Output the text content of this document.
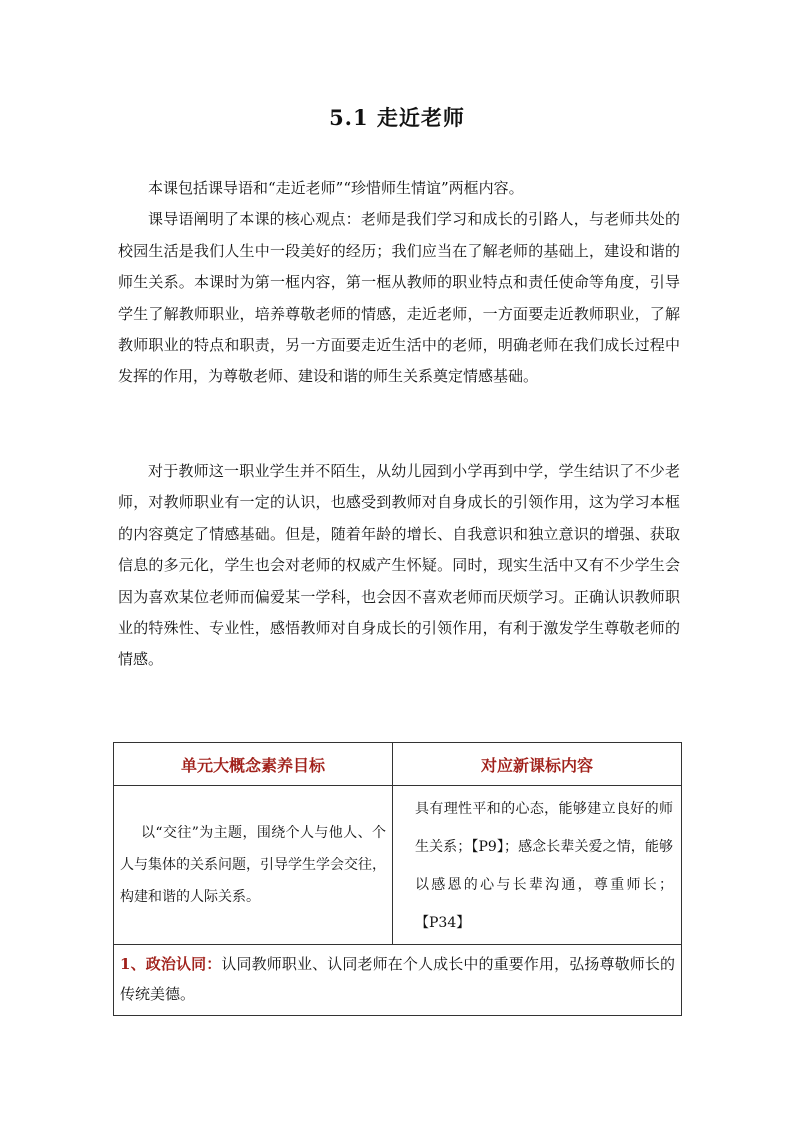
5.1 走近老师

本课包括课导语和“走近老师”“珍惜师生情谊”两框内容。

课导语阐明了本课的核心观点：老师是我们学习和成长的引路人，与老师共处的校园生活是我们人生中一段美好的经历；我们应当在了解老师的基础上，建设和谐的师生关系。本课时为第一框内容，第一框从教师的职业特点和责任使命等角度，引导学生了解教师职业，培养尊敬老师的情感，走近老师，一方面要走近教师职业，了解教师职业的特点和职责，另一方面要走近生活中的老师，明确老师在我们成长过程中发挥的作用，为尊敬老师、建设和谐的师生关系奠定情感基础。

对于教师这一职业学生并不陌生，从幼儿园到小学再到中学，学生结识了不少老师，对教师职业有一定的认识，也感受到教师对自身成长的引领作用，这为学习本框的内容奠定了情感基础。但是，随着年龄的增长、自我意识和独立意识的增强、获取信息的多元化，学生也会对老师的权威产生怀疑。同时，现实生活中又有不少学生会因为喜欢某位老师而偏爱某一学科，也会因不喜欢老师而厌烦学习。正确认识教师职业的特殊性、专业性，感悟教师对自身成长的引领作用，有利于激发学生尊敬老师的情感。

单元大概念素养目标	对应新课标内容

以“交往”为主题，围绕个人与他人、个人与集体的关系问题，引导学生学会交往，构建和谐的人际关系。	具有理性平和的心态，能够建立良好的师生关系；【P9】；感念长辈关爱之情，能够以感恩的心与长辈沟通，尊重师长；【P34】
1、政治认同：认同教师职业、认同老师在个人成长中的重要作用，弘扬尊敬师长的传统美德。	
